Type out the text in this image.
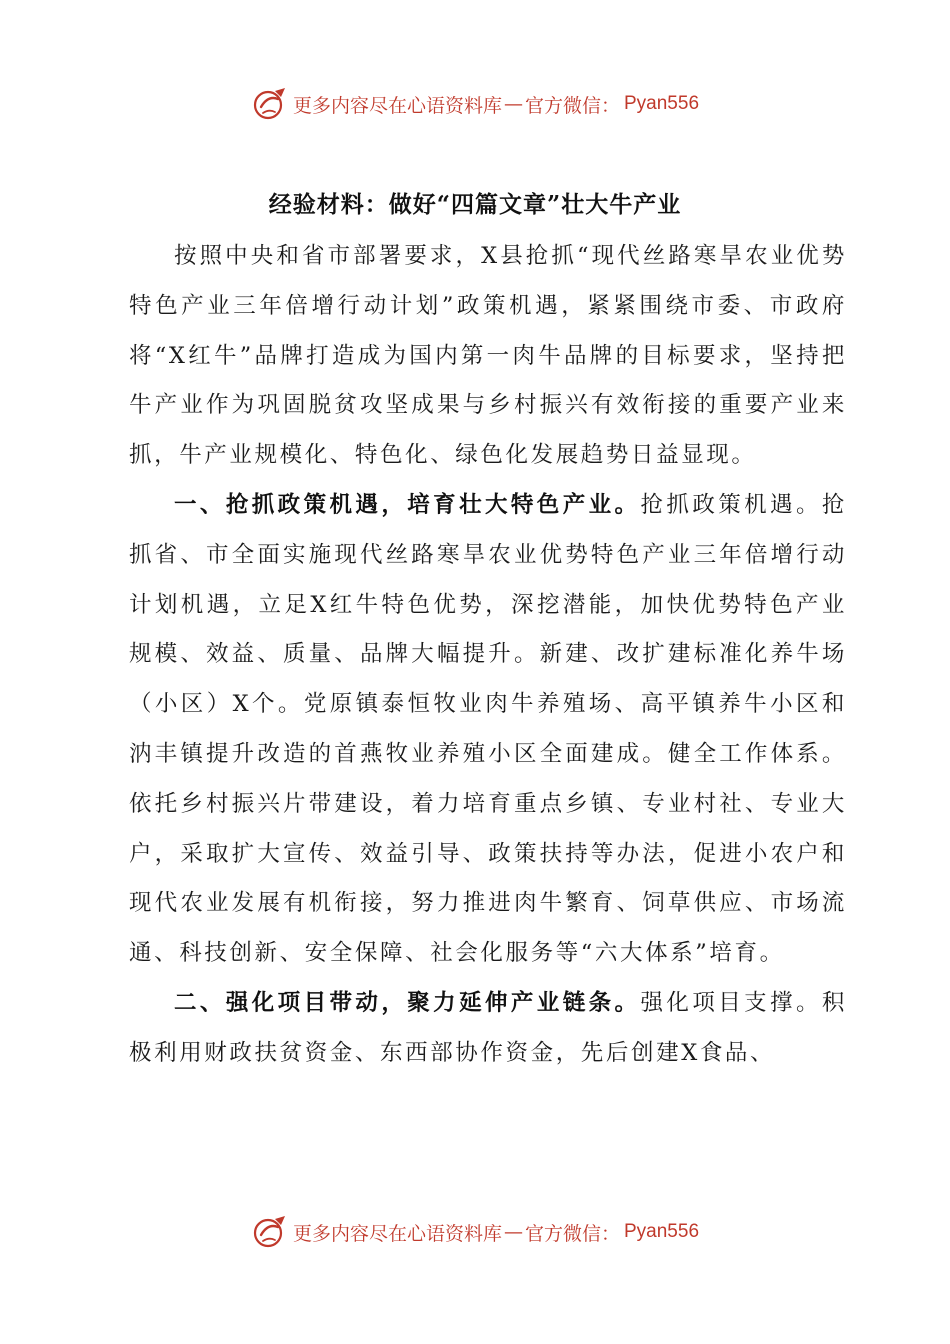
更多内容尽在心语资料库 — 官方微信： Pyan556
经验材料：做好“四篇文章”壮大牛产业

按照中央和省市部署要求，X县抢抓“现代丝路寒旱农业优势特色产业三年倍增行动计划”政策机遇，紧紧围绕市委、市政府将“X红牛”品牌打造成为国内第一肉牛品牌的目标要求，坚持把牛产业作为巩固脱贫攻坚成果与乡村振兴有效衔接的重要产业来抓，牛产业规模化、特色化、绿色化发展趋势日益显现。

一、抢抓政策机遇，培育壮大特色产业。抢抓政策机遇。抢抓省、市全面实施现代丝路寒旱农业优势特色产业三年倍增行动计划机遇，立足X红牛特色优势，深挖潜能，加快优势特色产业规模、效益、质量、品牌大幅提升。新建、改扩建标准化养牛场（小区）X个。党原镇泰恒牧业肉牛养殖场、高平镇养牛小区和汭丰镇提升改造的首燕牧业养殖小区全面建成。健全工作体系。依托乡村振兴片带建设，着力培育重点乡镇、专业村社、专业大户，采取扩大宣传、效益引导、政策扶持等办法，促进小农户和现代农业发展有机衔接，努力推进肉牛繁育、饲草供应、市场流通、科技创新、安全保障、社会化服务等“六大体系”培育。

二、强化项目带动，聚力延伸产业链条。强化项目支撑。积极利用财政扶贫资金、东西部协作资金，先后创建X食品、

更多内容尽在心语资料库 — 官方微信： Pyan556
